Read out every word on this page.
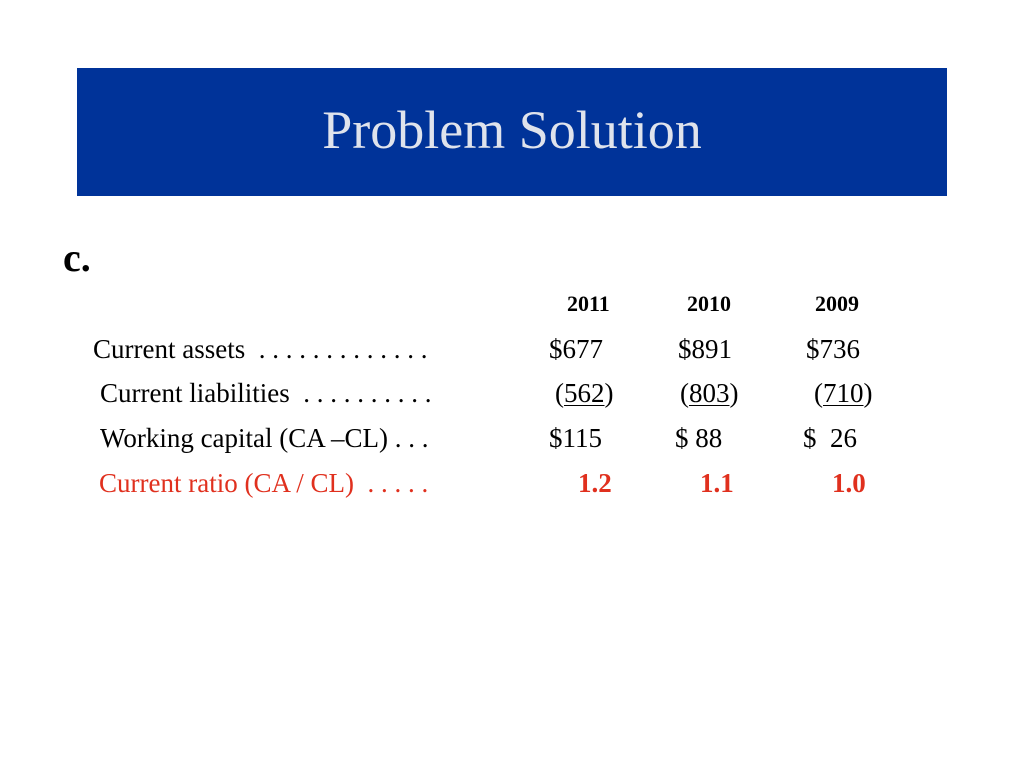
Problem Solution
c.
2011	2010	2009
Current assets  . . . . . . . . . . . . .	$677	$891	$736
Current liabilities  . . . . . . . . . .	(562) (803)	(710)
Working capital (CA –CL) . . .	$115	$ 88	$  26
Current ratio (CA / CL)  . . . . .	1.2	1.1	1.0
